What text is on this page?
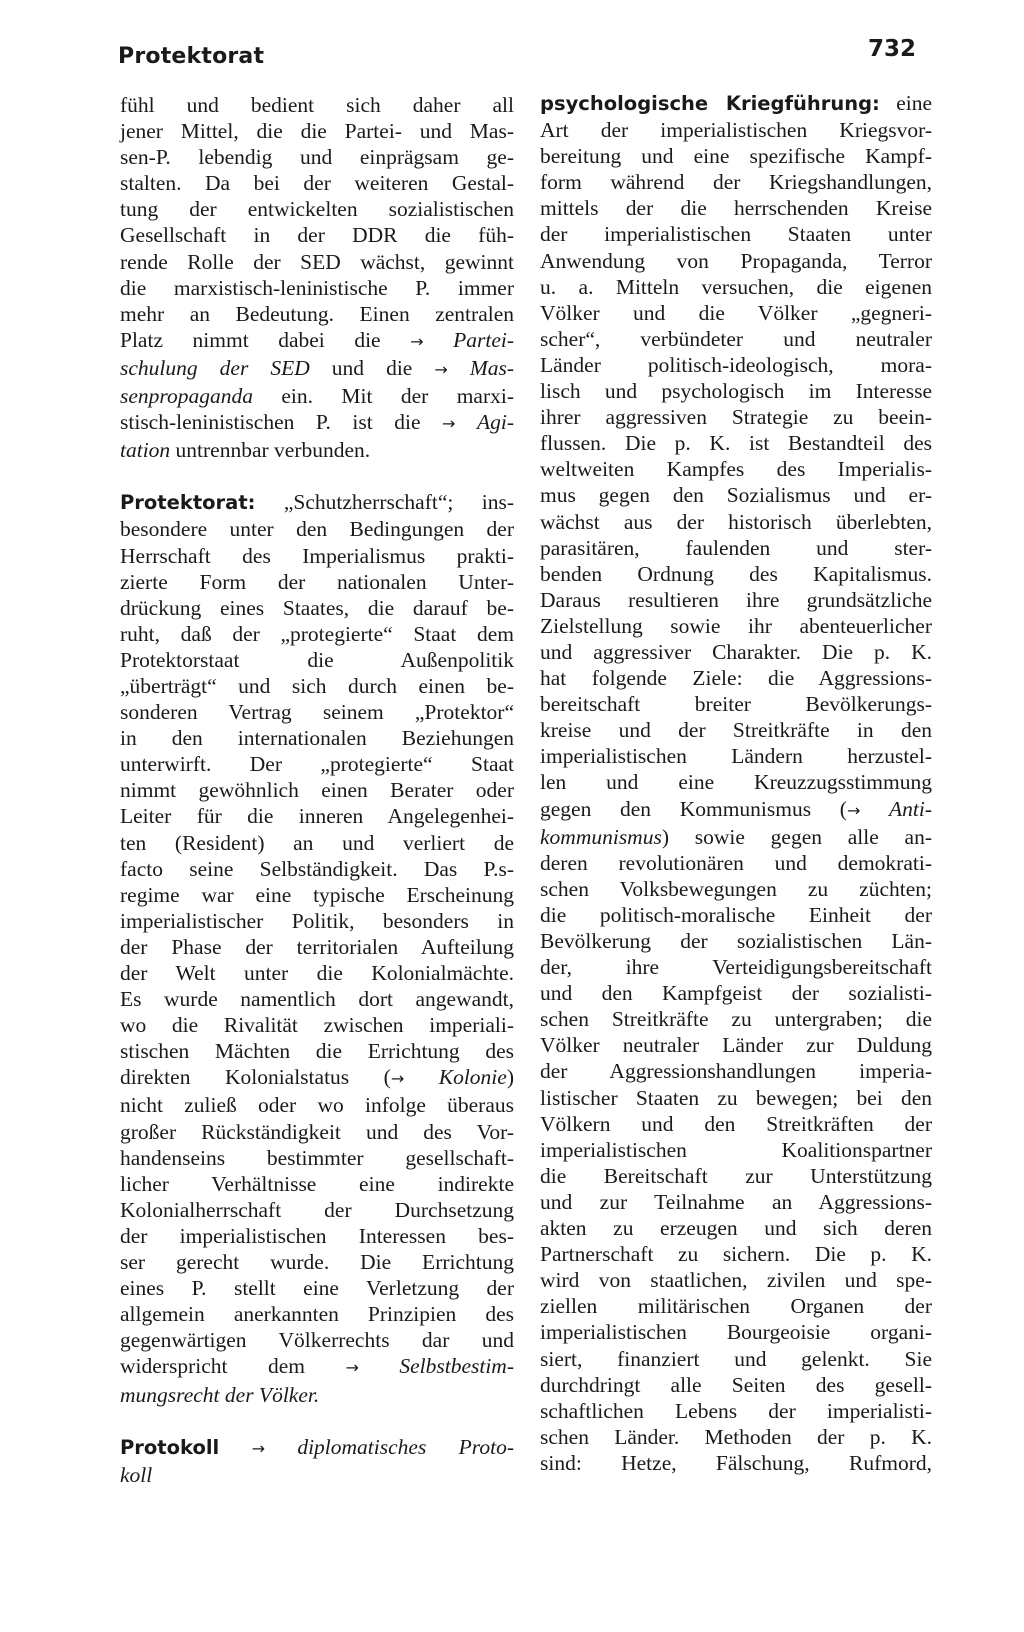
Protektorat	732
fühl und bedient sich daher all
jener Mittel, die die Partei- und Mas-
sen-P. lebendig und einprägsam ge-
stalten. Da bei der weiteren Gestal-
tung der entwickelten sozialistischen
Gesellschaft in der DDR die füh-
rende Rolle der SED wächst, gewinnt
die marxistisch-leninistische P. immer
mehr an Bedeutung. Einen zentralen
Platz nimmt dabei die → Partei-
schulung der SED und die → Mas-
senpropaganda ein. Mit der marxi-
stisch-leninistischen P. ist die → Agi-
tation untrennbar verbunden.
Protektorat: „Schutzherrschaft“; ins-
besondere unter den Bedingungen der
Herrschaft des Imperialismus prakti-
zierte Form der nationalen Unter-
drückung eines Staates, die darauf be-
ruht, daß der „protegierte“ Staat dem
Protektorstaat die Außenpolitik
„überträgt“ und sich durch einen be-
sonderen Vertrag seinem „Protektor“
in den internationalen Beziehungen
unterwirft. Der „protegierte“ Staat
nimmt gewöhnlich einen Berater oder
Leiter für die inneren Angelegenhei-
ten (Resident) an und verliert de
facto seine Selbständigkeit. Das P.s-
regime war eine typische Erscheinung
imperialistischer Politik, besonders in
der Phase der territorialen Aufteilung
der Welt unter die Kolonialmächte.
Es wurde namentlich dort angewandt,
wo die Rivalität zwischen imperiali-
stischen Mächten die Errichtung des
direkten Kolonialstatus (→ Kolonie)
nicht zuließ oder wo infolge überaus
großer Rückständigkeit und des Vor-
handenseins bestimmter gesellschaft-
licher Verhältnisse eine indirekte
Kolonialherrschaft der Durchsetzung
der imperialistischen Interessen bes-
ser gerecht wurde. Die Errichtung
eines P. stellt eine Verletzung der
allgemein anerkannten Prinzipien des
gegenwärtigen Völkerrechts dar und
widerspricht dem	→ Selbstbestim-
mungsrecht der Völker.
Protokoll → diplomatisches Proto-
koll
psychologische Kriegführung: eine
Art der imperialistischen Kriegsvor-
bereitung und eine spezifische Kampf-
form während der Kriegshandlungen,
mittels der die herrschenden Kreise
der imperialistischen Staaten unter
Anwendung von Propaganda, Terror
u. a. Mitteln versuchen, die eigenen
Völker und die Völker „gegneri-
scher“, verbündeter und neutraler
Länder politisch-ideologisch, mora-
lisch und psychologisch im Interesse
ihrer aggressiven Strategie zu beein-
flussen. Die p. K. ist Bestandteil des
weltweiten Kampfes des Imperialis-
mus gegen den Sozialismus und er-
wächst aus der historisch überlebten,
parasitären, faulenden und ster-
benden Ordnung des Kapitalismus.
Daraus resultieren ihre grundsätzliche
Zielstellung sowie ihr abenteuerlicher
und aggressiver Charakter. Die p. K.
hat folgende Ziele: die Aggressions-
bereitschaft breiter Bevölkerungs-
kreise und der Streitkräfte in den
imperialistischen Ländern herzustel-
len und eine Kreuzzugsstimmung
gegen den Kommunismus (→ Anti-
kommunismus) sowie gegen alle an-
deren revolutionären und demokrati-
schen Volksbewegungen zu züchten;
die politisch-moralische Einheit der
Bevölkerung der sozialistischen Län-
der, ihre Verteidigungsbereitschaft
und den Kampfgeist der sozialisti-
schen Streitkräfte zu untergraben; die
Völker neutraler Länder zur Duldung
der Aggressionshandlungen imperia-
listischer Staaten zu bewegen; bei den
Völkern und den Streitkräften der
imperialistischen Koalitionspartner
die Bereitschaft zur Unterstützung
und zur Teilnahme an Aggressions-
akten zu erzeugen und sich deren
Partnerschaft zu sichern. Die p. K.
wird von staatlichen, zivilen und spe-
ziellen militärischen Organen der
imperialistischen Bourgeoisie organi-
siert, finanziert und gelenkt. Sie
durchdringt alle Seiten des gesell-
schaftlichen Lebens der imperialisti-
schen Länder. Methoden der p. K.
sind: Hetze, Fälschung, Rufmord,
